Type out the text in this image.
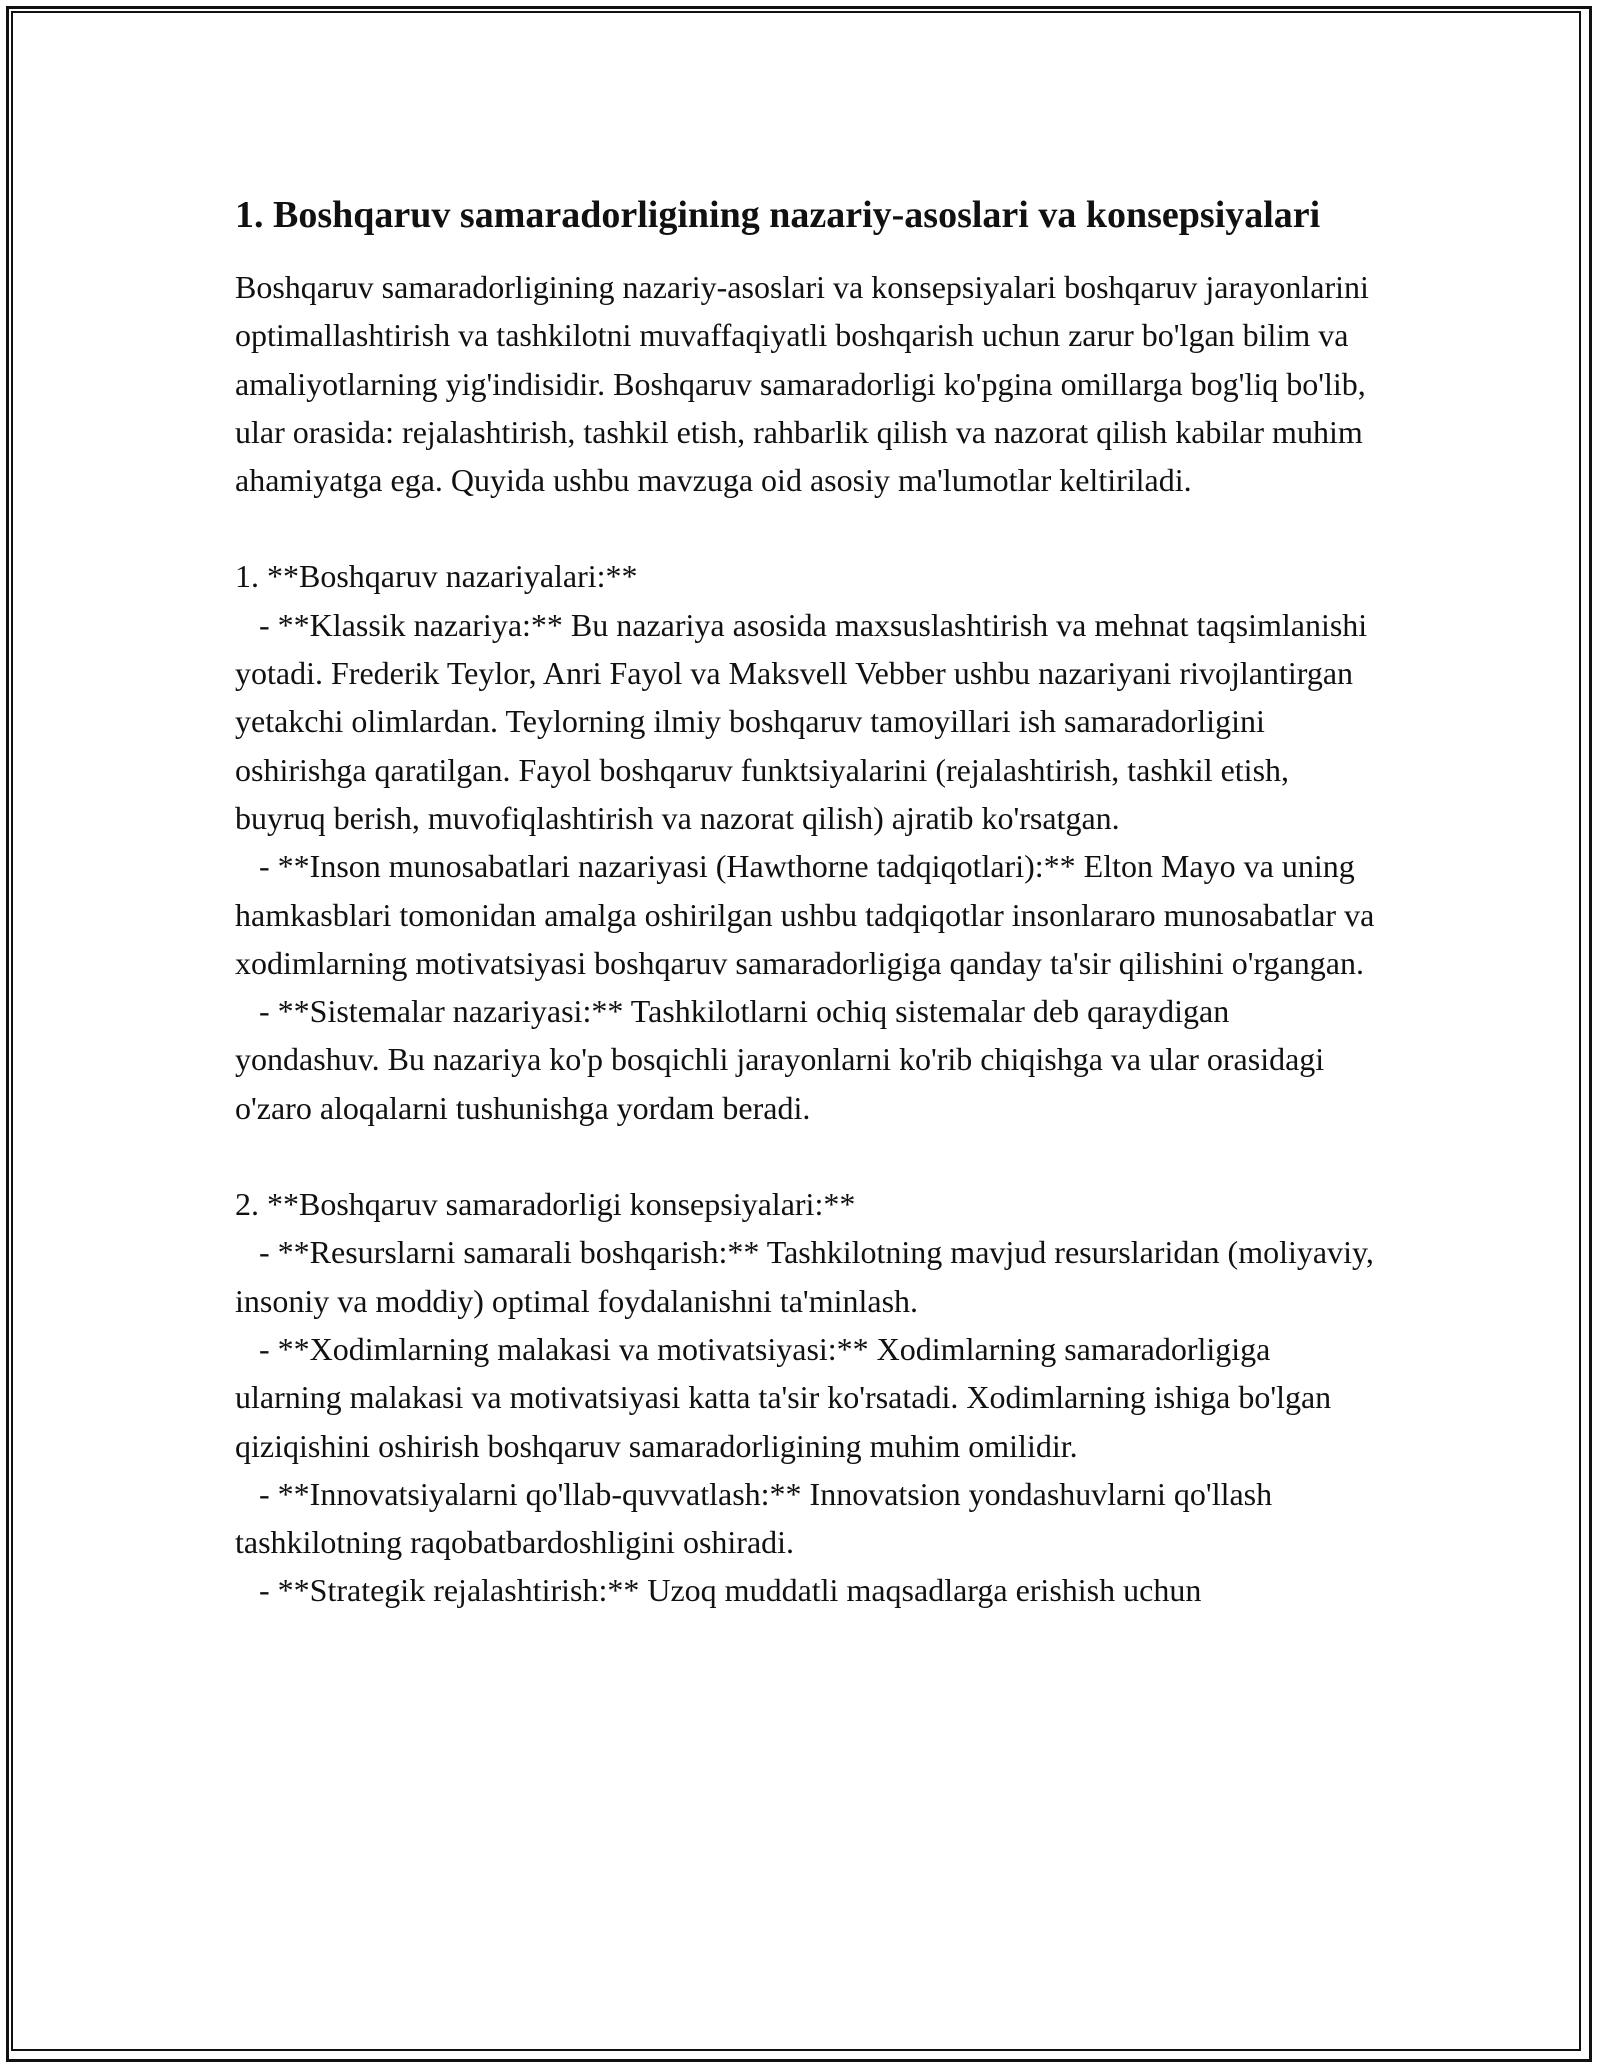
1. Boshqaruv samaradorligining nazariy-asoslari va konsepsiyalari

Boshqaruv samaradorligining nazariy-asoslari va konsepsiyalari boshqaruv jarayonlarini optimallashtirish va tashkilotni muvaffaqiyatli boshqarish uchun zarur bo'lgan bilim va amaliyotlarning yig'indisidir. Boshqaruv samaradorligi ko'pgina omillarga bog'liq bo'lib, ular orasida: rejalashtirish, tashkil etish, rahbarlik qilish va nazorat qilish kabilar muhim ahamiyatga ega. Quyida ushbu mavzuga oid asosiy ma'lumotlar keltiriladi.

1. **Boshqaruv nazariyalari:**
- **Klassik nazariya:** Bu nazariya asosida maxsuslashtirish va mehnat taqsimlanishi yotadi. Frederik Teylor, Anri Fayol va Maksvell Vebber ushbu nazariyani rivojlantirgan yetakchi olimlardan. Teylorning ilmiy boshqaruv tamoyillari ish samaradorligini oshirishga qaratilgan. Fayol boshqaruv funktsiyalarini (rejalashtirish, tashkil etish, buyruq berish, muvofiqlashtirish va nazorat qilish) ajratib ko'rsatgan.
- **Inson munosabatlari nazariyasi (Hawthorne tadqiqotlari):** Elton Mayo va uning hamkasblari tomonidan amalga oshirilgan ushbu tadqiqotlar insonlararo munosabatlar va xodimlarning motivatsiyasi boshqaruv samaradorligiga qanday ta'sir qilishini o'rgangan.
- **Sistemalar nazariyasi:** Tashkilotlarni ochiq sistemalar deb qaraydigan yondashuv. Bu nazariya ko'p bosqichli jarayonlarni ko'rib chiqishga va ular orasidagi o'zaro aloqalarni tushunishga yordam beradi.
2. **Boshqaruv samaradorligi konsepsiyalari:**
- **Resurslarni samarali boshqarish:** Tashkilotning mavjud resurslaridan (moliyaviy, insoniy va moddiy) optimal foydalanishni ta'minlash.
- **Xodimlarning malakasi va motivatsiyasi:** Xodimlarning samaradorligiga ularning malakasi va motivatsiyasi katta ta'sir ko'rsatadi. Xodimlarning ishiga bo'lgan qiziqishini oshirish boshqaruv samaradorligining muhim omilidir.
- **Innovatsiyalarni qo'llab-quvvatlash:** Innovatsion yondashuvlarni qo'llash tashkilotning raqobatbardoshligini oshiradi.
- **Strategik rejalashtirish:** Uzoq muddatli maqsadlarga erishish uchun
